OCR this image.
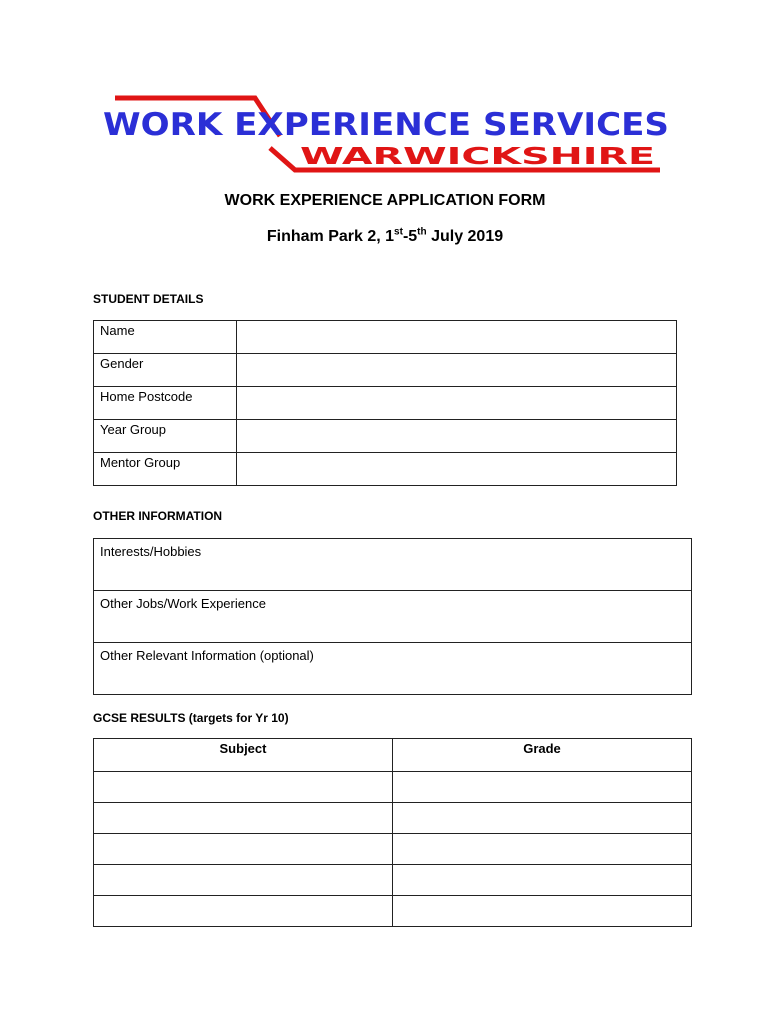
WORK EXPERIENCE SERVICES
WARWICKSHIRE
WORK EXPERIENCE APPLICATION FORM
Finham Park 2, 1st-5th July 2019
STUDENT DETAILS
Name	
Gender	
Home Postcode	
Year Group	
Mentor Group	
OTHER INFORMATION
Interests/Hobbies
Other Jobs/Work Experience
Other Relevant Information (optional)
GCSE RESULTS (targets for Yr 10)
Subject	Grade
